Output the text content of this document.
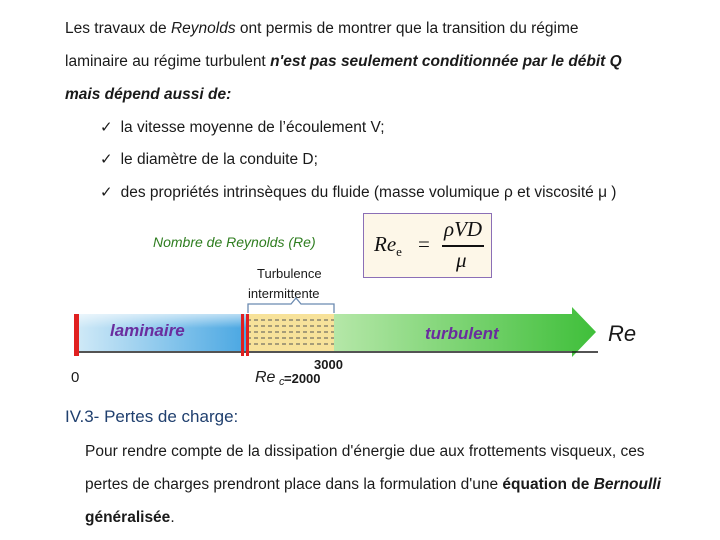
Les travaux de Reynolds ont permis de montrer que la transition du régime
laminaire au régime turbulent n'est pas seulement conditionnée par le débit Q
mais dépend aussi de:
✓ la vitesse moyenne de l’écoulement V;
✓ le diamètre de la conduite D;
✓ des propriétés intrinsèques du fluide (masse volumique ρ et viscosité μ )
Nombre de Reynolds (Re)	$Re_e$ =
ρVD
μ
Turbulence
intermittente
laminaire	turbulent	Re
0	Re c =2000
3000
IV.3- Pertes de charge:
Pour rendre compte de la dissipation d'énergie due aux frottements visqueux, ces
pertes de charges prendront place dans la formulation d'une équation de Bernoulli
généralisée.
